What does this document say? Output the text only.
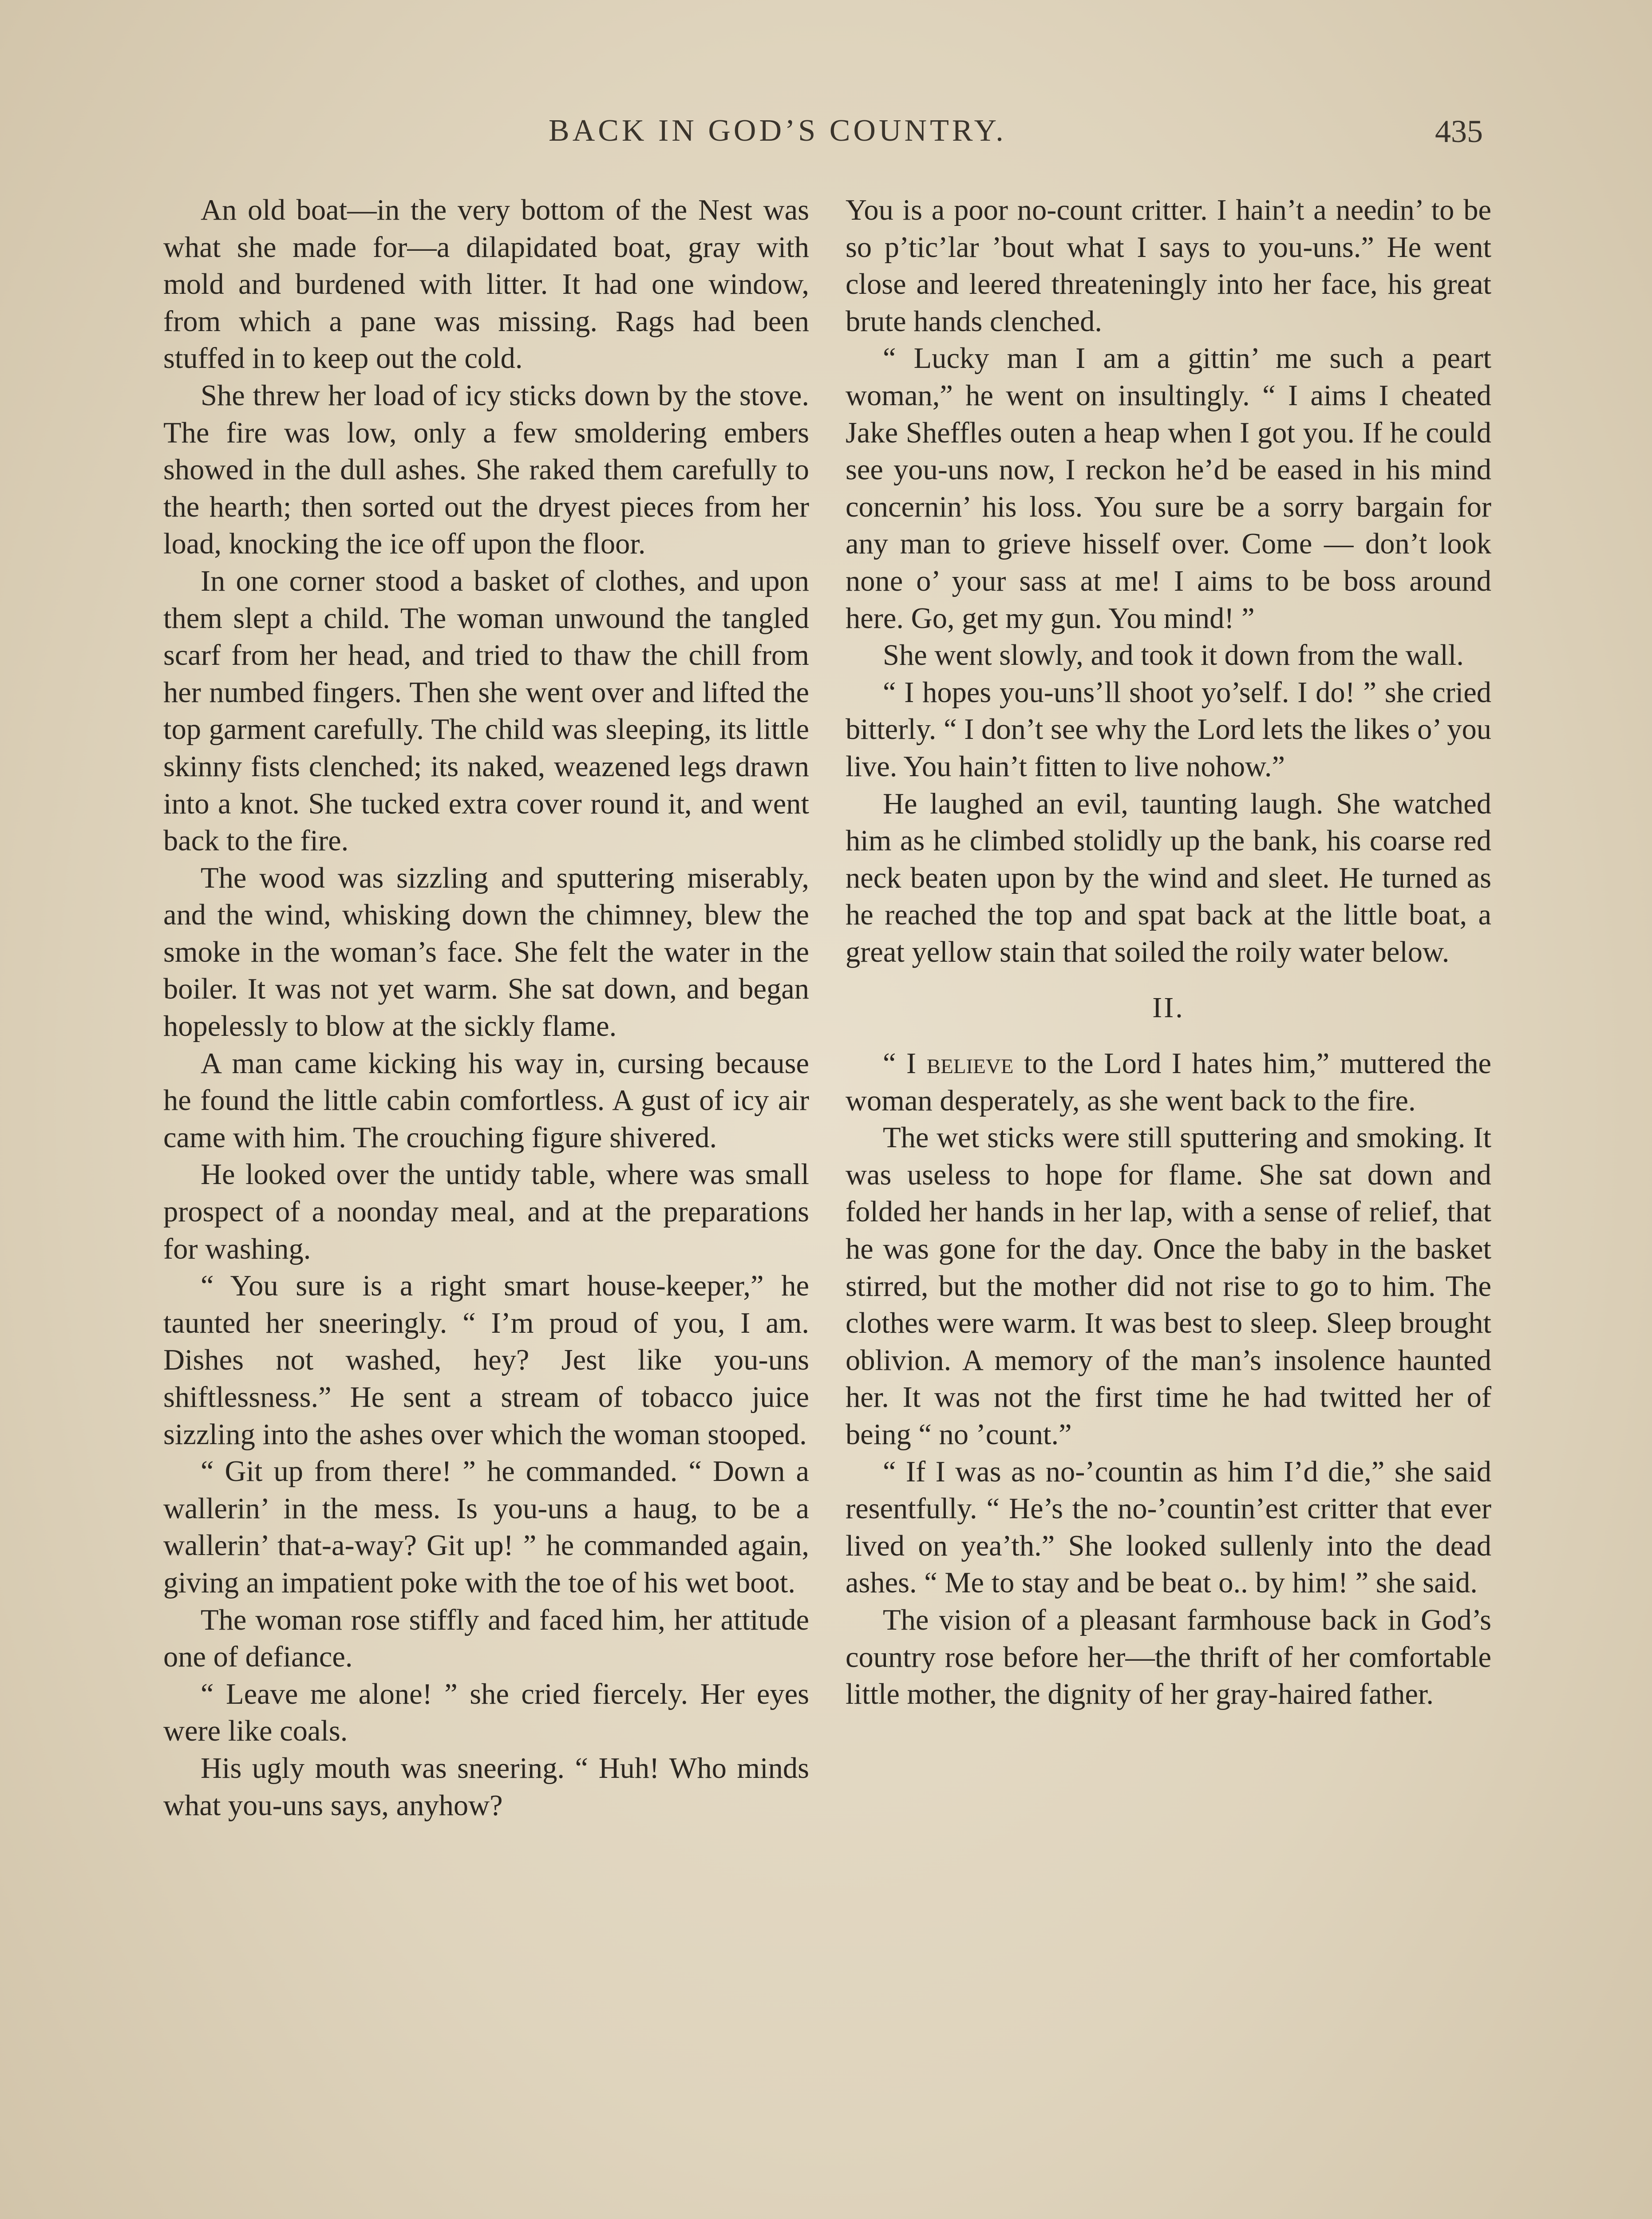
BACK IN GOD’S COUNTRY.	435

An old boat—in the very bottom of the Nest was what she made for—a dilapidated boat, gray with mold and burdened with litter. It had one window, from which a pane was missing. Rags had been stuffed in to keep out the cold.

She threw her load of icy sticks down by the stove. The fire was low, only a few smoldering embers showed in the dull ashes. She raked them carefully to the hearth; then sorted out the dryest pieces from her load, knocking the ice off upon the floor.

In one corner stood a basket of clothes, and upon them slept a child. The woman unwound the tangled scarf from her head, and tried to thaw the chill from her numbed fingers. Then she went over and lifted the top garment carefully. The child was sleeping, its little skinny fists clenched; its naked, weazened legs drawn into a knot. She tucked extra cover round it, and went back to the fire.

The wood was sizzling and sputtering miserably, and the wind, whisking down the chimney, blew the smoke in the woman’s face. She felt the water in the boiler. It was not yet warm. She sat down, and began hopelessly to blow at the sickly flame.

A man came kicking his way in, cursing because he found the little cabin comfortless. A gust of icy air came with him. The crouching figure shivered.

He looked over the untidy table, where was small prospect of a noonday meal, and at the preparations for washing.

“ You sure is a right smart house-keeper,” he taunted her sneeringly. “ I’m proud of you, I am. Dishes not washed, hey? Jest like you-uns shiftlessness.” He sent a stream of tobacco juice sizzling into the ashes over which the woman stooped.

“ Git up from there! ” he commanded. “ Down a wallerin’ in the mess. Is you-uns a haug, to be a wallerin’ that-a-way? Git up! ” he commanded again, giving an impatient poke with the toe of his wet boot.

The woman rose stiffly and faced him, her attitude one of defiance.

“ Leave me alone! ” she cried fiercely. Her eyes were like coals.

His ugly mouth was sneering. “ Huh! Who minds what you-uns says, anyhow?

You is a poor no-count critter. I hain’t a needin’ to be so p’tic’lar ’bout what I says to you-uns.” He went close and leered threateningly into her face, his great brute hands clenched.

“ Lucky man I am a gittin’ me such a peart woman,” he went on insultingly. “ I aims I cheated Jake Sheffles outen a heap when I got you. If he could see you-uns now, I reckon he’d be eased in his mind concernin’ his loss. You sure be a sorry bargain for any man to grieve hisself over. Come — don’t look none o’ your sass at me! I aims to be boss around here. Go, get my gun. You mind! ”

She went slowly, and took it down from the wall.

“ I hopes you-uns’ll shoot yo’self. I do! ” she cried bitterly. “ I don’t see why the Lord lets the likes o’ you live. You hain’t fitten to live nohow.”

He laughed an evil, taunting laugh. She watched him as he climbed stolidly up the bank, his coarse red neck beaten upon by the wind and sleet. He turned as he reached the top and spat back at the little boat, a great yellow stain that soiled the roily water below.

II.

“ I believe to the Lord I hates him,” muttered the woman desperately, as she went back to the fire.

The wet sticks were still sputtering and smoking. It was useless to hope for flame. She sat down and folded her hands in her lap, with a sense of relief, that he was gone for the day. Once the baby in the basket stirred, but the mother did not rise to go to him. The clothes were warm. It was best to sleep. Sleep brought oblivion. A memory of the man’s insolence haunted her. It was not the first time he had twitted her of being “ no ’count.”

“ If I was as no-’countin as him I’d die,” she said resentfully. “ He’s the no-’countin’est critter that ever lived on yea’th.” She looked sullenly into the dead ashes. “ Me to stay and be beat o.. by him! ” she said.

The vision of a pleasant farmhouse back in God’s country rose before her—the thrift of her comfortable little mother, the dignity of her gray-haired father.
